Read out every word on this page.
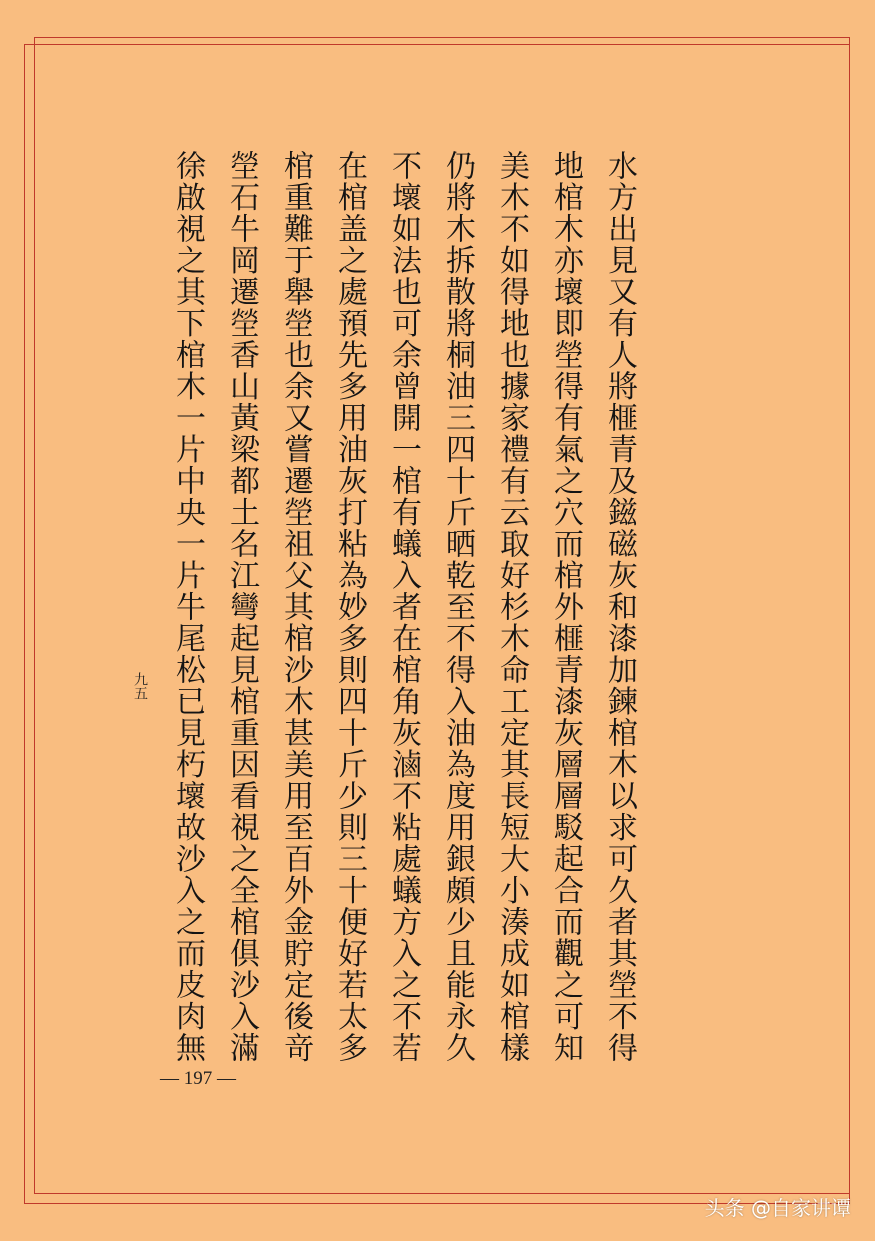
水方出見又有人將榧青及鎡磁灰和漆加鍊棺木以求可久者其塋不得
地棺木亦壞即塋得有氣之穴而棺外榧青漆灰層層駁起合而觀之可知
美木不如得地也據家禮有云取好杉木命工定其長短大小湊成如棺樣
仍將木拆散將桐油三四十斤晒乾至不得入油為度用銀頗少且能永久
不壞如法也可余曾開一棺有蟻入者在棺角灰滷不粘處蟻方入之不若
在棺盖之處預先多用油灰打粘為妙多則四十斤少則三十便好若太多
棺重難于舉塋也余又嘗遷塋祖父其棺沙木甚美用至百外金貯定後竒
塋石牛岡遷塋香山黃梁都土名江彎起見棺重因看視之全棺俱沙入滿
徐啟視之其下棺木一片中央一片牛尾松已見朽壞故沙入之而皮肉無
九五
— 197 —
头条 @自家讲谭
